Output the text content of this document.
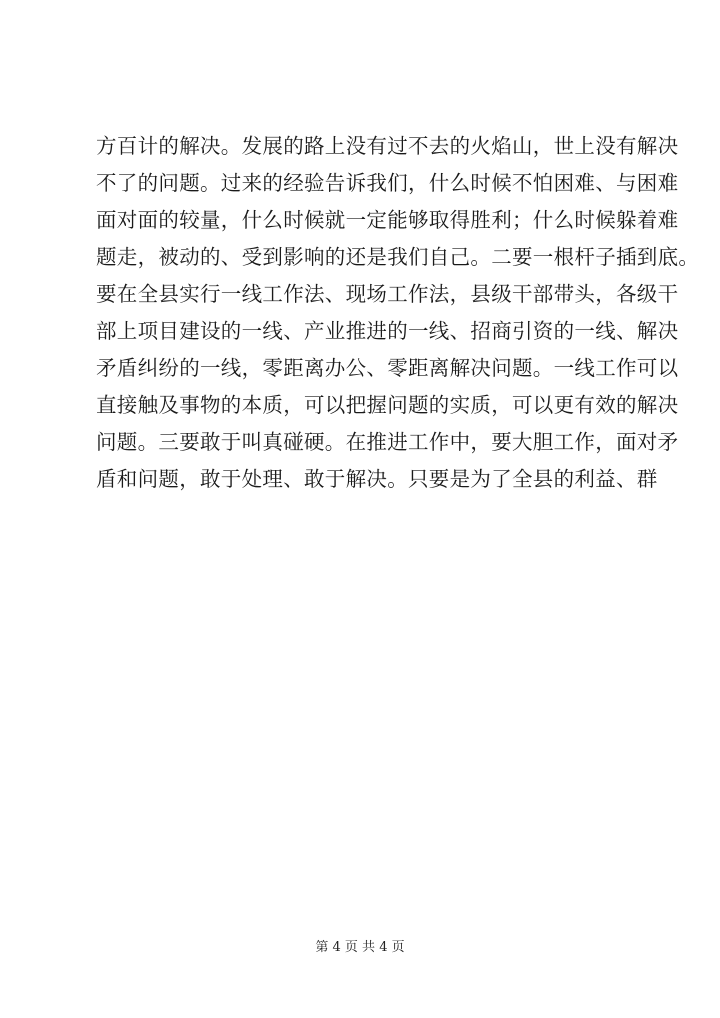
方百计的解决。发展的路上没有过不去的火焰山，世上没有解决
不了的问题。过来的经验告诉我们，什么时候不怕困难、与困难
面对面的较量，什么时候就一定能够取得胜利；什么时候躲着难
题走，被动的、受到影响的还是我们自己。二要一根杆子插到底。
要在全县实行一线工作法、现场工作法，县级干部带头，各级干
部上项目建设的一线、产业推进的一线、招商引资的一线、解决
矛盾纠纷的一线，零距离办公、零距离解决问题。一线工作可以
直接触及事物的本质，可以把握问题的实质，可以更有效的解决
问题。三要敢于叫真碰硬。在推进工作中，要大胆工作，面对矛
盾和问题，敢于处理、敢于解决。只要是为了全县的利益、群
第 4 页 共 4 页
